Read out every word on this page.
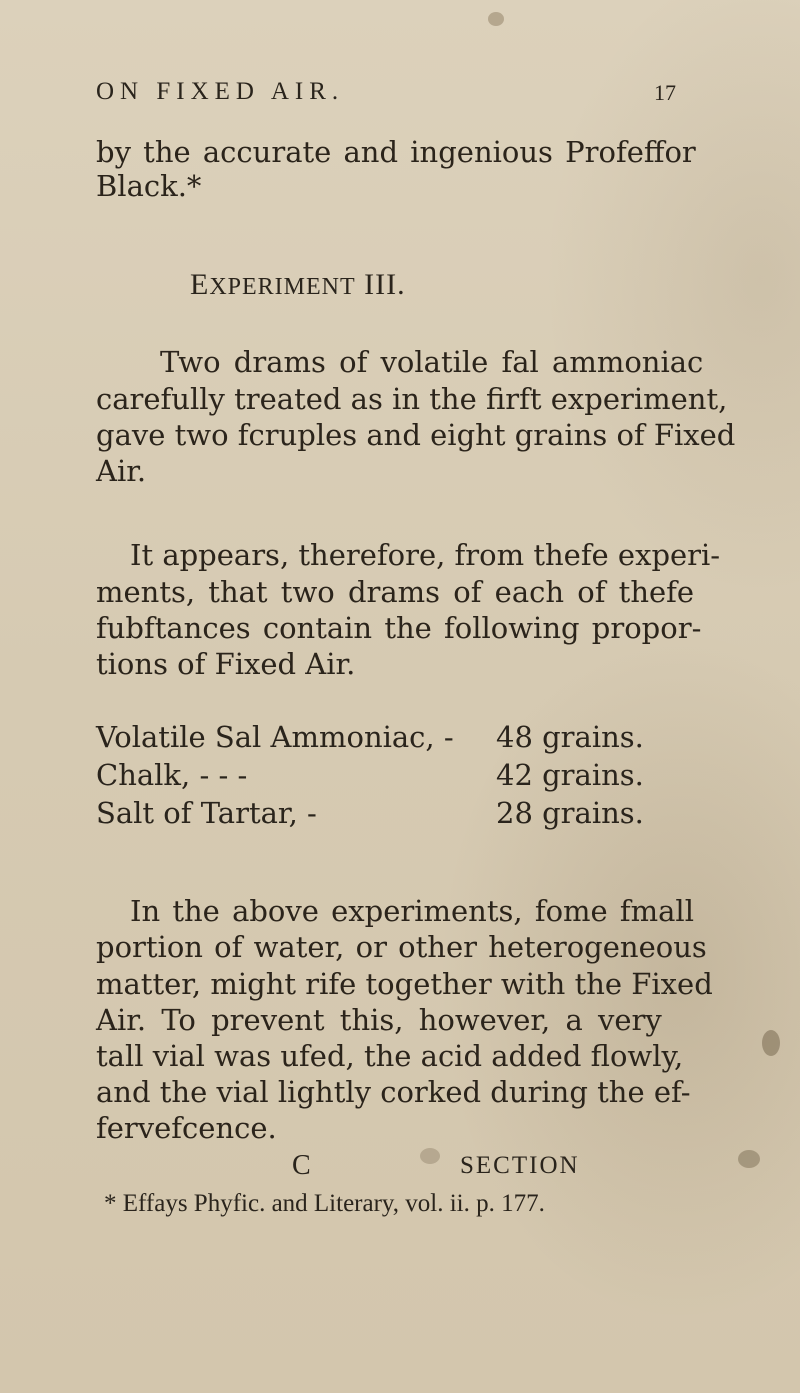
ON FIXED AIR.	17
by the accurate and ingenious Profeffor
Black.*
EXPERIMENT III.
Two drams of volatile fal ammoniac
carefully treated as in the firft experiment,
gave two fcruples and eight grains of Fixed
Air.
It appears, therefore, from thefe experi-
ments, that two drams of each of thefe
fubftances contain the following propor-
tions of Fixed Air.
Volatile Sal Ammoniac, - 48 grains.
Chalk, - - -	42 grains.
Salt of Tartar, -	28 grains.
In the above experiments, fome fmall
portion of water, or other heterogeneous
matter, might rife together with the Fixed
Air. To prevent this, however, a very
tall vial was ufed, the acid added flowly,
and the vial lightly corked during the ef-
fervefcence.
C	SECTION
* Effays Phyfic. and Literary, vol. ii. p. 177.
